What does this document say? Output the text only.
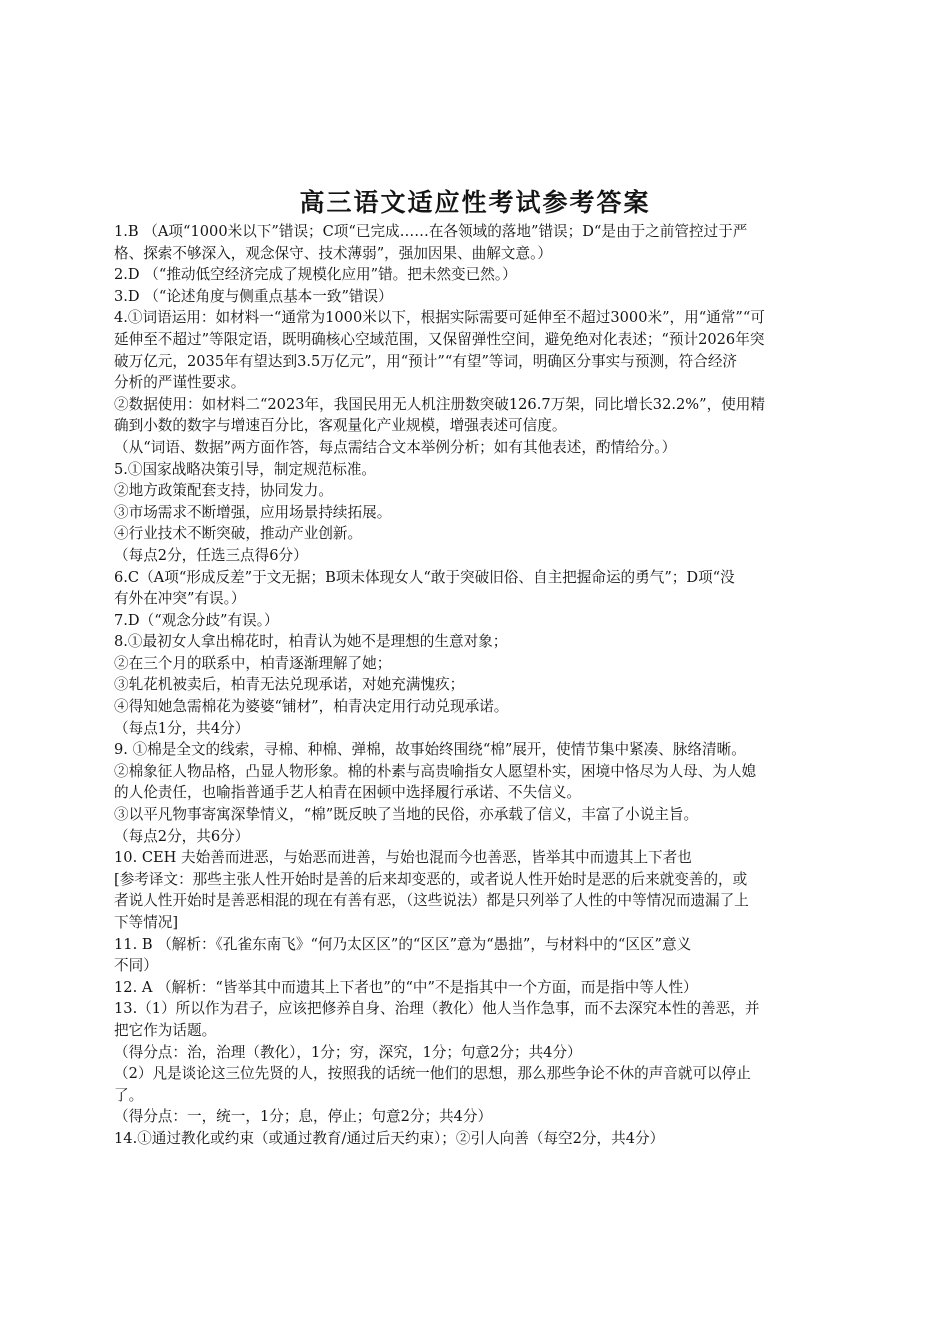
高三语文适应性考试参考答案
1.B （A项“1000米以下”错误；C项“已完成……在各领域的落地”错误；D“是由于之前管控过于严
格、探索不够深入，观念保守、技术薄弱”，强加因果、曲解文意。）
2.D （“推动低空经济完成了规模化应用”错。把未然变已然。）
3.D （“论述角度与侧重点基本一致”错误）
4.①词语运用：如材料一“通常为1000米以下，根据实际需要可延伸至不超过3000米”，用“通常”“可
延伸至不超过”等限定语，既明确核心空域范围，又保留弹性空间，避免绝对化表述；“预计2026年突
破万亿元，2035年有望达到3.5万亿元”，用“预计”“有望”等词，明确区分事实与预测，符合经济
分析的严谨性要求。
②数据使用：如材料二“2023年，我国民用无人机注册数突破126.7万架，同比增长32.2%”，使用精
确到小数的数字与增速百分比，客观量化产业规模，增强表述可信度。
（从“词语、数据”两方面作答，每点需结合文本举例分析；如有其他表述，酌情给分。）
5.①国家战略决策引导，制定规范标准。
②地方政策配套支持，协同发力。
③市场需求不断增强，应用场景持续拓展。
④行业技术不断突破，推动产业创新。
（每点2分，任选三点得6分）
6.C（A项“形成反差”于文无据；B项未体现女人“敢于突破旧俗、自主把握命运的勇气”；D项“没
有外在冲突”有误。）
7.D（“观念分歧”有误。）
8.①最初女人拿出棉花时，柏青认为她不是理想的生意对象；
②在三个月的联系中，柏青逐渐理解了她；
③轧花机被卖后，柏青无法兑现承诺，对她充满愧疚；
④得知她急需棉花为婆婆“铺材”，柏青决定用行动兑现承诺。
（每点1分，共4分）
9. ①棉是全文的线索，寻棉、种棉、弹棉，故事始终围绕“棉”展开，使情节集中紧凑、脉络清晰。
②棉象征人物品格，凸显人物形象。棉的朴素与高贵喻指女人愿望朴实，困境中恪尽为人母、为人媳
的人伦责任，也喻指普通手艺人柏青在困顿中选择履行承诺、不失信义。
③以平凡物事寄寓深挚情义，“棉”既反映了当地的民俗，亦承载了信义，丰富了小说主旨。
（每点2分，共6分）
10. CEH 夫始善而进恶，与始恶而进善，与始也混而今也善恶，皆举其中而遗其上下者也
[参考译文：那些主张人性开始时是善的后来却变恶的，或者说人性开始时是恶的后来就变善的，或
者说人性开始时是善恶相混的现在有善有恶，（这些说法）都是只列举了人性的中等情况而遗漏了上
下等情况]
11. B （解析：《孔雀东南飞》“何乃太区区”的“区区”意为“愚拙”，与材料中的“区区”意义
不同）
12. A （解析：“皆举其中而遗其上下者也”的“中”不是指其中一个方面，而是指中等人性）
13.（1）所以作为君子，应该把修养自身、治理（教化）他人当作急事，而不去深究本性的善恶，并
把它作为话题。
（得分点：治，治理（教化），1分；穷，深究，1分；句意2分；共4分）
（2）凡是谈论这三位先贤的人，按照我的话统一他们的思想，那么那些争论不休的声音就可以停止
了。
（得分点：一，统一，1分；息，停止；句意2分；共4分）
14.①通过教化或约束（或通过教育/通过后天约束）；②引人向善（每空2分，共4分）
